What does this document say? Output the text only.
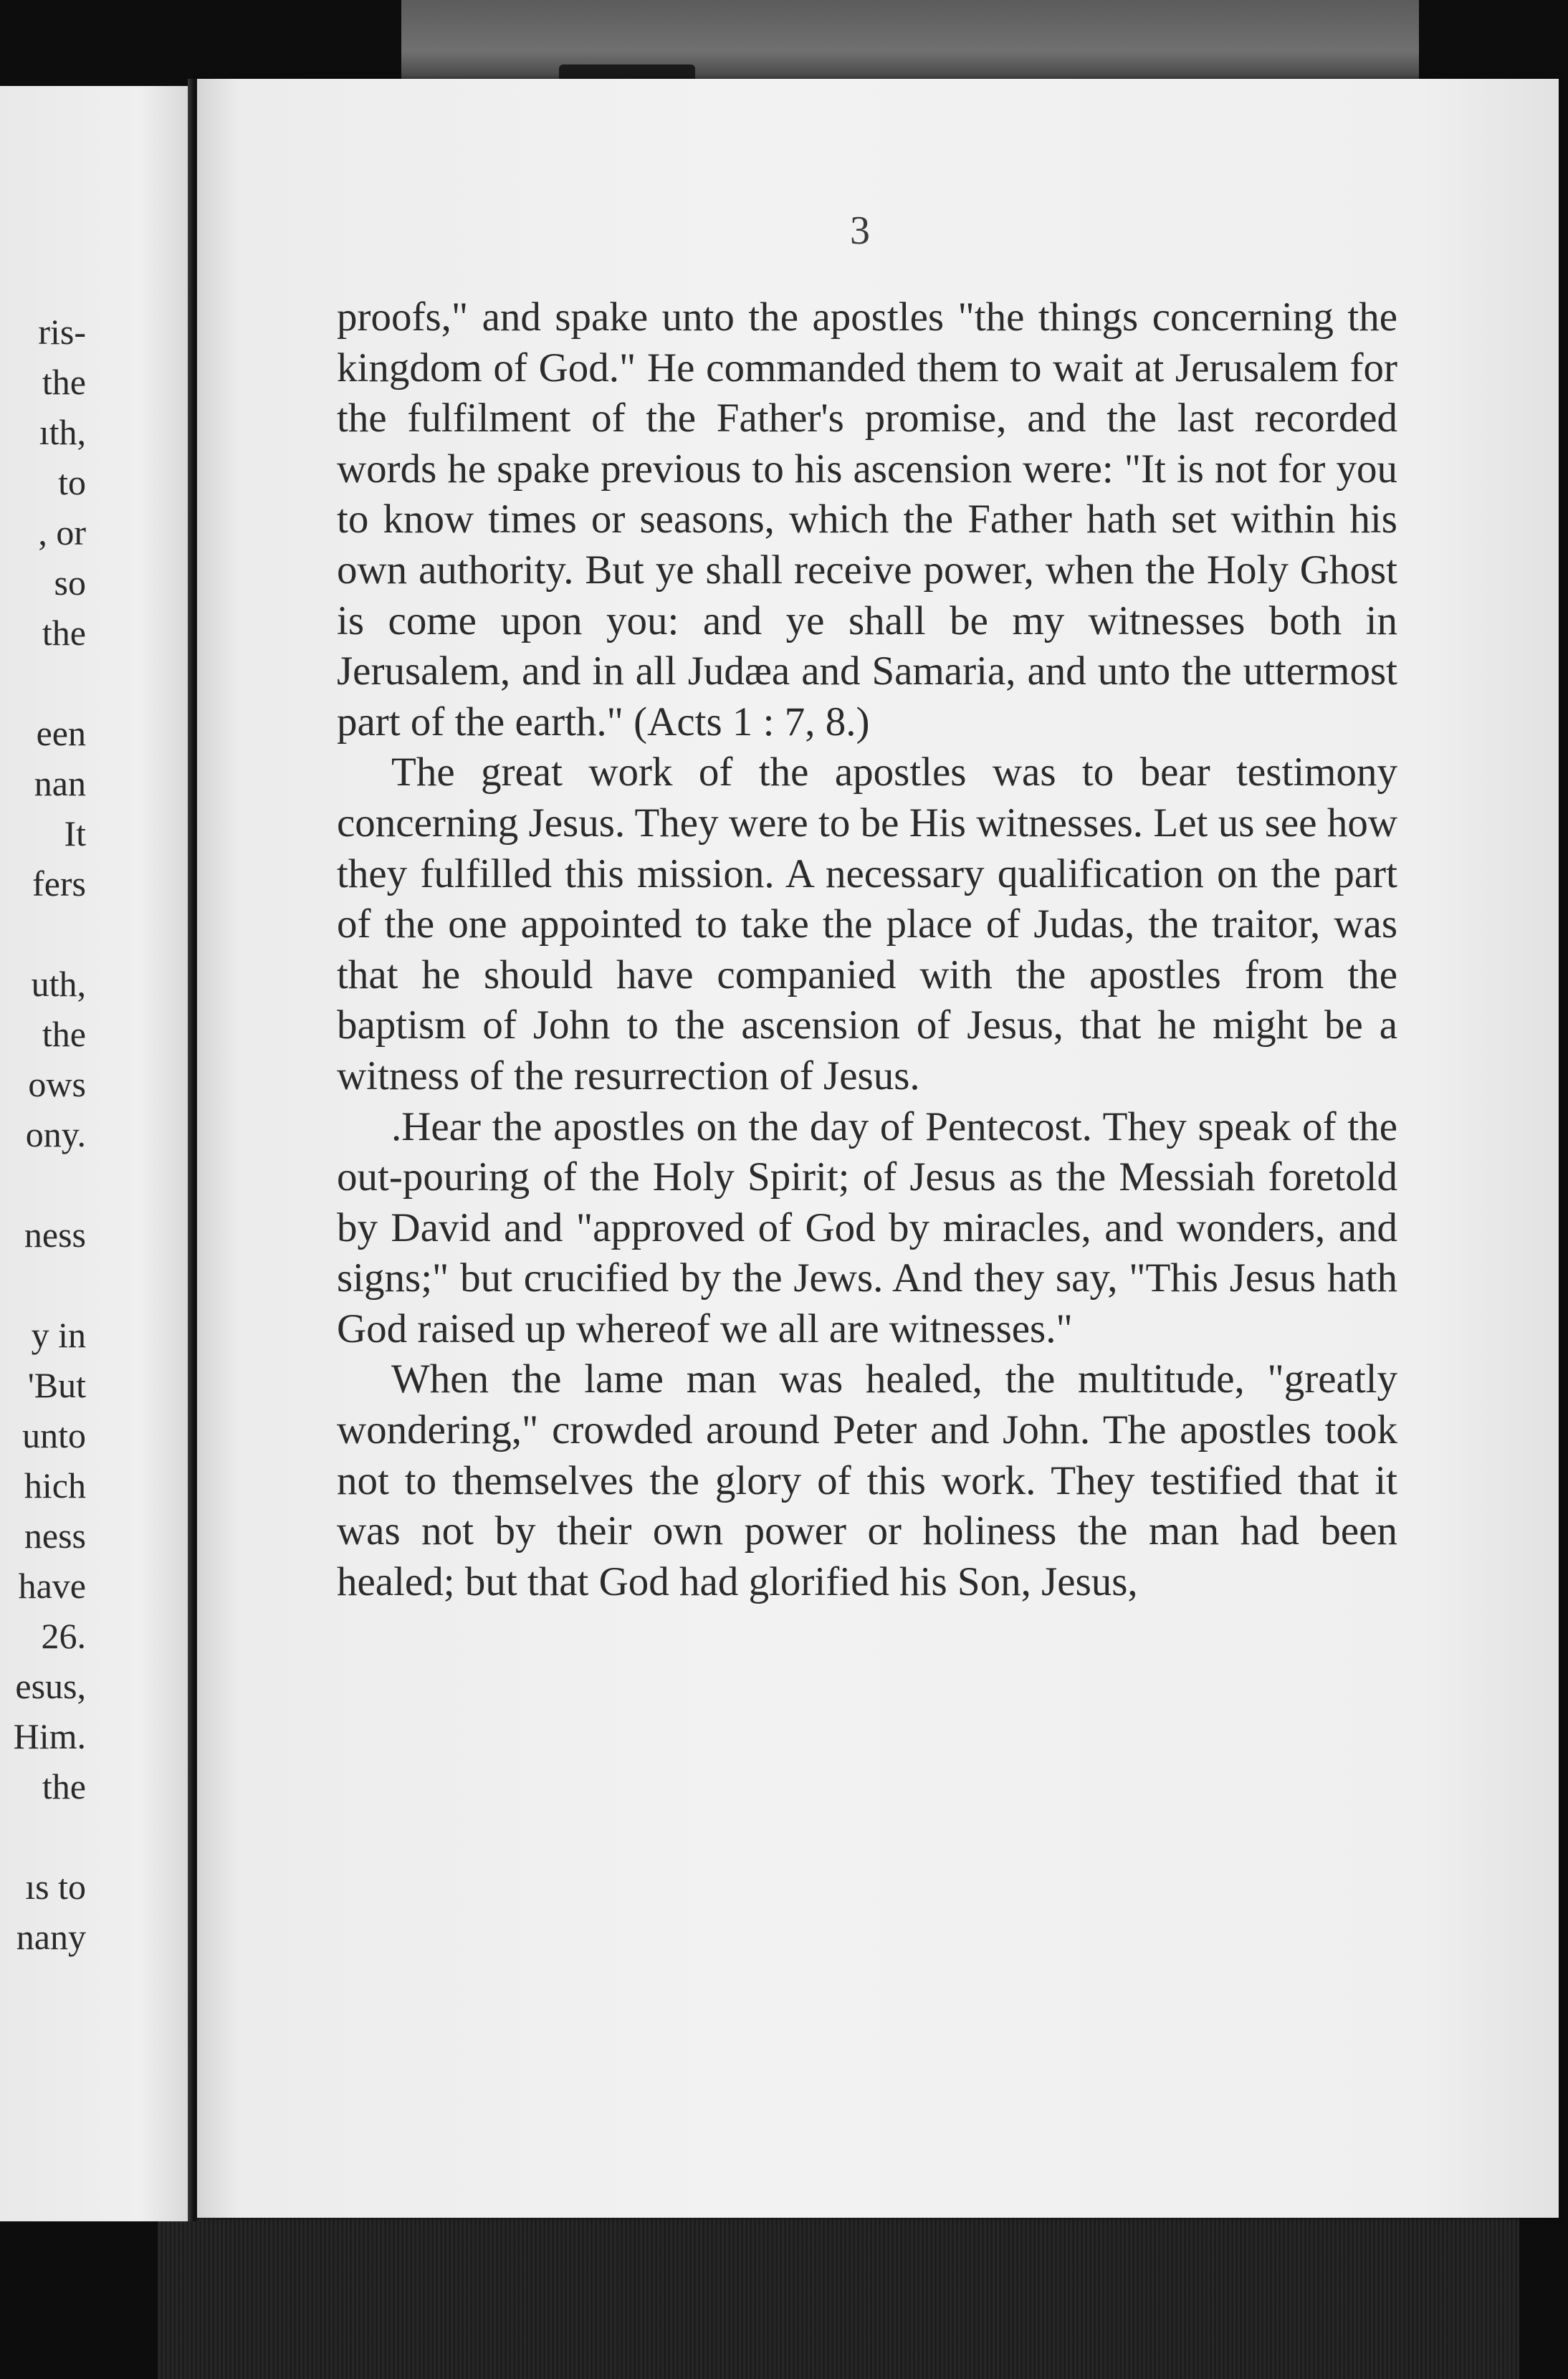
ris-
the
ıth,
to
, or
so
the
een
nan
It
fers
uth,
the
ows
ony.
ness
y in
'But
unto
hich
ness
have
26.
esus,
Him.
the
ıs to
nany
3

proofs," and spake unto the apostles "the things concerning the kingdom of God." He commanded them to wait at Jerusalem for the fulfilment of the Father's promise, and the last recorded words he spake previous to his ascension were: "It is not for you to know times or seasons, which the Father hath set within his own authority. But ye shall receive power, when the Holy Ghost is come upon you: and ye shall be my witnesses both in Jerusalem, and in all Judæa and Samaria, and unto the uttermost part of the earth." (Acts 1 : 7, 8.)

The great work of the apostles was to bear testimony concerning Jesus. They were to be His witnesses. Let us see how they fulfilled this mission. A necessary qualification on the part of the one appointed to take the place of Judas, the traitor, was that he should have companied with the apostles from the baptism of John to the ascension of Jesus, that he might be a witness of the resurrection of Jesus.

.Hear the apostles on the day of Pentecost. They speak of the out-pouring of the Holy Spirit; of Jesus as the Messiah foretold by David and "approved of God by miracles, and wonders, and signs;" but crucified by the Jews. And they say, "This Jesus hath God raised up whereof we all are witnesses."

When the lame man was healed, the multitude, "greatly wondering," crowded around Peter and John. The apostles took not to themselves the glory of this work. They testified that it was not by their own power or holiness the man had been healed; but that God had glorified his Son, Jesus,
